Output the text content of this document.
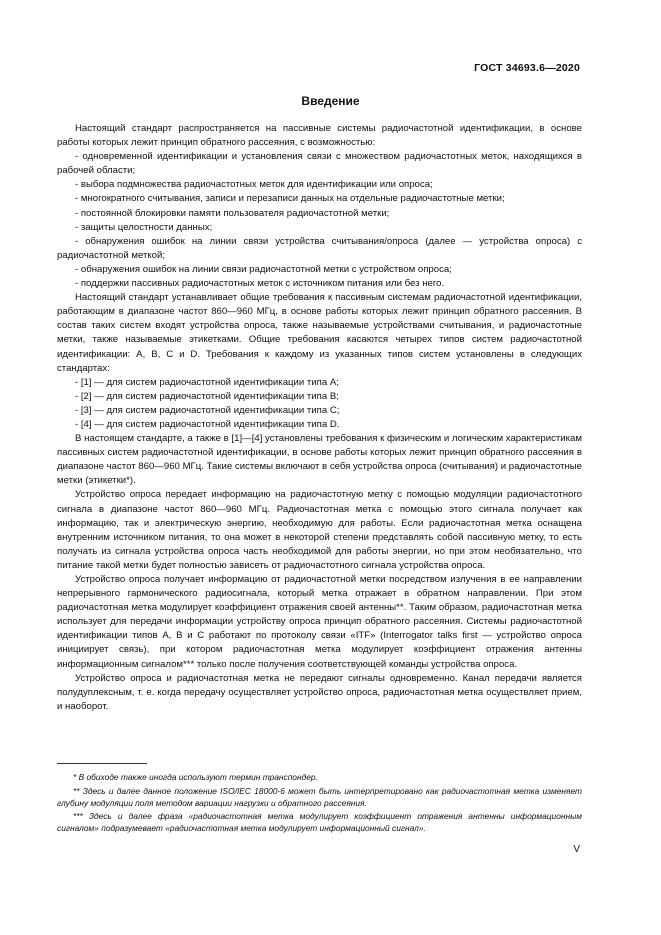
ГОСТ 34693.6—2020
Введение

Настоящий стандарт распространяется на пассивные системы радиочастотной идентификации, в основе работы которых лежит принцип обратного рассеяния, с возможностью:

- одновременной идентификации и установления связи с множеством радиочастотных меток, находящихся в рабочей области;

- выбора подмножества радиочастотных меток для идентификации или опроса;

- многократного считывания, записи и перезаписи данных на отдельные радиочастотные метки;

- постоянной блокировки памяти пользователя радиочастотной метки;

- защиты целостности данных;

- обнаружения ошибок на линии связи устройства считывания/опроса (далее — устройства опроса) с радиочастотной меткой;

- обнаружения ошибок на линии связи радиочастотной метки с устройством опроса;

- поддержки пассивных радиочастотных меток с источником питания или без него.

Настоящий стандарт устанавливает общие требования к пассивным системам радиочастотной идентификации, работающим в диапазоне частот 860—960 МГц, в основе работы которых лежит принцип обратного рассеяния. В состав таких систем входят устройства опроса, также называемые устройствами считывания, и радиочастотные метки, также называемые этикетками. Общие требования касаются четырех типов систем радиочастотной идентификации: А, В, С и D. Требования к каждому из указанных типов систем установлены в следующих стандартах:

- [1] — для систем радиочастотной идентификации типа А;

- [2] — для систем радиочастотной идентификации типа В;

- [3] — для систем радиочастотной идентификации типа С;

- [4] — для систем радиочастотной идентификации типа D.

В настоящем стандарте, а также в [1]—[4] установлены требования к физическим и логическим характеристикам пассивных систем радиочастотной идентификации, в основе работы которых лежит принцип обратного рассеяния в диапазоне частот 860—960 МГц. Такие системы включают в себя устройства опроса (считывания) и радиочастотные метки (этикетки*).

Устройство опроса передает информацию на радиочастотную метку с помощью модуляции радиочастотного сигнала в диапазоне частот 860—960 МГц. Радиочастотная метка с помощью этого сигнала получает как информацию, так и электрическую энергию, необходимую для работы. Если радиочастотная метка оснащена внутренним источником питания, то она может в некоторой степени представлять собой пассивную метку, то есть получать из сигнала устройства опроса часть необходимой для работы энергии, но при этом необязательно, что питание такой метки будет полностью зависеть от радиочастотного сигнала устройства опроса.

Устройство опроса получает информацию от радиочастотной метки посредством излучения в ее направлении непрерывного гармонического радиосигнала, который метка отражает в обратном направлении. При этом радиочастотная метка модулирует коэффициент отражения своей антенны**. Таким образом, радиочастотная метка использует для передачи информации устройству опроса принцип обратного рассеяния. Системы радиочастотной идентификации типов А, В и С работают по протоколу связи «ITF» (Interrogator talks first — устройство опроса инициирует связь), при котором радиочастотная метка модулирует коэффициент отражения антенны информационным сигналом*** только после получения соответствующей команды устройства опроса.

Устройство опроса и радиочастотная метка не передают сигналы одновременно. Канал передачи является полудуплексным, т. е. когда передачу осуществляет устройство опроса, радиочастотная метка осуществляет прием, и наоборот.

* В обиходе также иногда используют термин транспондер.

** Здесь и далее данное положение ISO/IEC 18000-6 может быть интерпретировано как радиочастотная метка изменяет глубину модуляции поля методом вариации нагрузки и обратного рассеяния.

*** Здесь и далее фраза «радиочастотная метка модулирует коэффициент отражения антенны информационным сигналом» подразумевает «радиочастотная метка модулирует информационный сигнал».

V
